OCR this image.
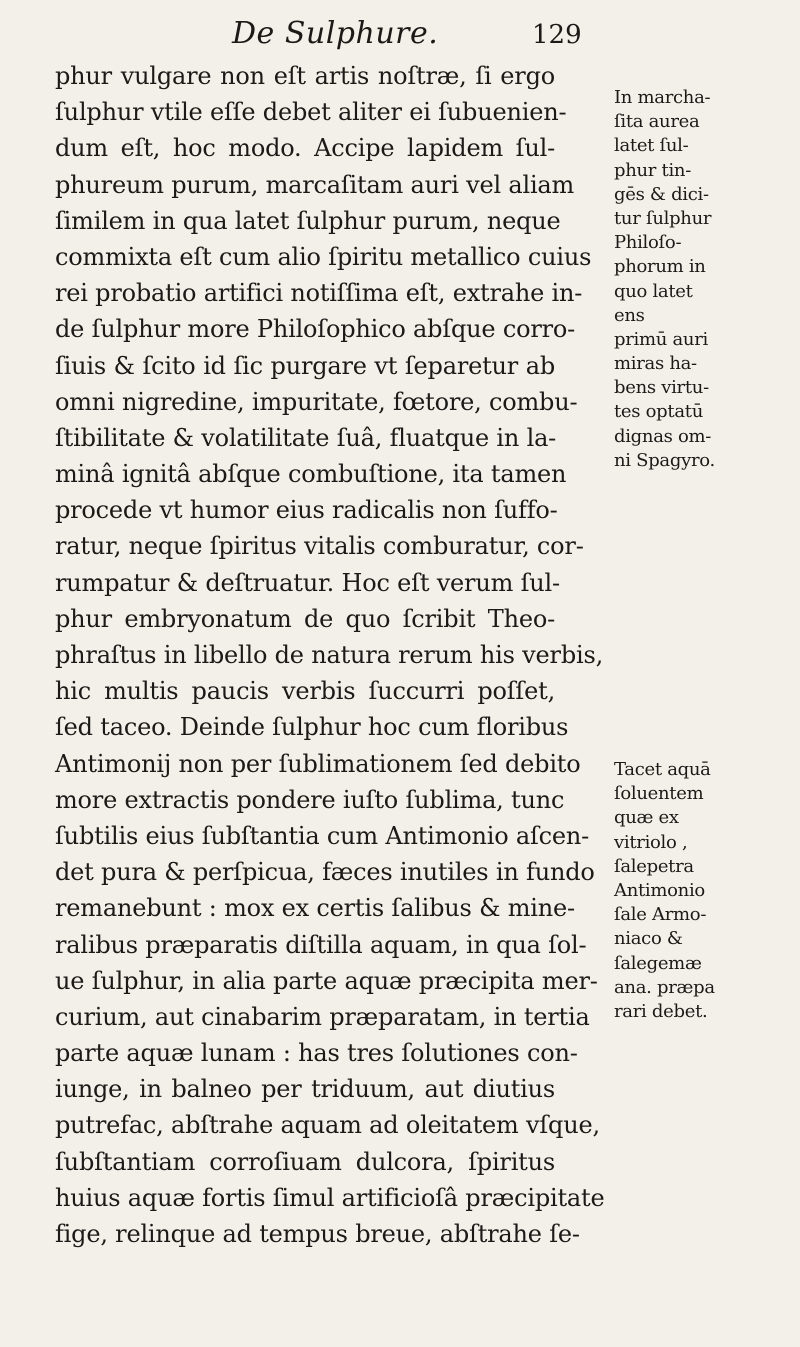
De Sulphure.	129
phur vulgare non eſt artis noſtræ, ſi ergo
ſulphur vtile eſſe debet aliter ei ſubuenien-
dum eſt, hoc modo. Accipe lapidem ſul-
phureum purum, marcaſitam auri vel aliam
ſimilem in qua latet ſulphur purum, neque
commixta eſt cum alio ſpiritu metallico cuius
rei probatio artifici notiſſima eſt, extrahe in-
de ſulphur more Philoſophico abſque corro-
ſiuis & ſcito id ſic purgare vt ſeparetur ab
omni nigredine, impuritate, fœtore, combu-
ſtibilitate & volatilitate ſuâ, fluatque in la-
minâ ignitâ abſque combuſtione, ita tamen
procede vt humor eius radicalis non ſuffo-
ratur, neque ſpiritus vitalis comburatur, cor-
rumpatur & deſtruatur. Hoc eſt verum ſul-
phur embryonatum de quo ſcribit Theo-
phraſtus in libello de natura rerum his verbis,
hic multis paucis verbis ſuccurri poſſet,
ſed taceo. Deinde ſulphur hoc cum floribus
Antimonij non per ſublimationem ſed debito
more extractis pondere iuſto ſublima, tunc
ſubtilis eius ſubſtantia cum Antimonio aſcen-
det pura & perſpicua, fæces inutiles in fundo
remanebunt : mox ex certis ſalibus & mine-
ralibus præparatis diſtilla aquam, in qua ſol-
ue ſulphur, in alia parte aquæ præcipita mer-
curium, aut cinabarim præparatam, in tertia
parte aquæ lunam : has tres ſolutiones con-
iunge, in balneo per triduum, aut diutius
putrefac, abſtrahe aquam ad oleitatem vſque,
ſubſtantiam corroſiuam dulcora, ſpiritus
huius aquæ fortis ſimul artificioſâ præcipitate
fige, relinque ad tempus breue, abſtrahe ſe-
In marcha-
ſita aurea
latet ſul-
phur tin-
gēs & dici-
tur ſulphur
Philoſo-
phorum in
quo latet
ens
primū auri
miras ha-
bens virtu-
tes optatū
dignas om-
ni Spagyro.
Tacet aquā
ſoluentem
quæ ex
vitriolo ,
ſalepetra
Antimonio
ſale Armo-
niaco &
ſalegemæ
ana. præpa
rari debet.
